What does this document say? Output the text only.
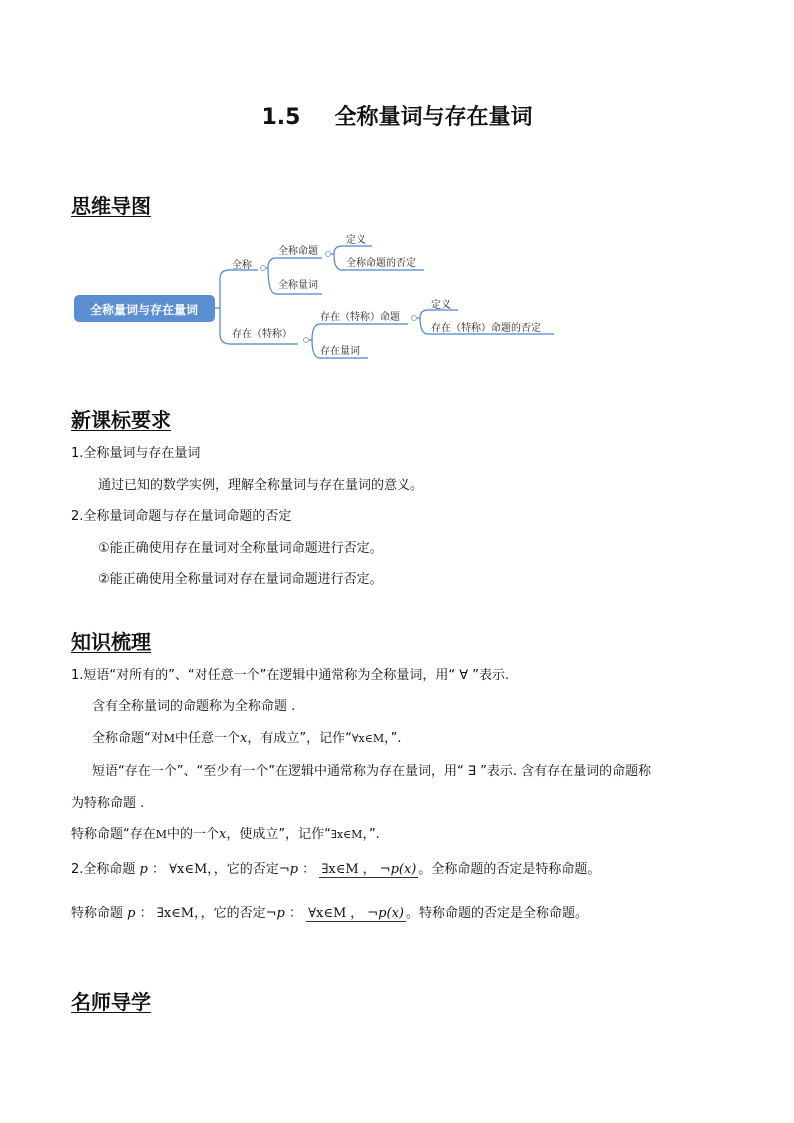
1.5 全称量词与存在量词
思维导图
全称量词与存在量词
全称
全称命题
全称量词
定义
全称命题的否定
存在（特称）
存在（特称）命题
存在量词
定义
存在（特称）命题的否定
新课标要求
1.全称量词与存在量词
通过已知的数学实例，理解全称量词与存在量词的意义。
2.全称量词命题与存在量词命题的否定
①能正确使用存在量词对全称量词命题进行否定。
②能正确使用全称量词对存在量词命题进行否定。
知识梳理
1.短语“对所有的”、“对任意一个”在逻辑中通常称为全称量词，用“ ∀ ”表示.
含有全称量词的命题称为全称命题 .
全称命题“对M中任意一个x，有成立”，记作“∀x∈M，”.
短语“存在一个”、“至少有一个”在逻辑中通常称为存在量词，用“ ∃ ”表示. 含有存在量词的命题称
为特称命题 .
特称命题“存在M中的一个x，使成立”，记作“∃x∈M，”.
2.全称命题 p ： ∀x∈M，，它的否定¬p ： ∃x∈M ， ¬p(x) 。全称命题的否定是特称命题。
特称命题 p ： ∃x∈M，，它的否定¬p ： ∀x∈M ， ¬p(x) 。特称命题的否定是全称命题。
名师导学
